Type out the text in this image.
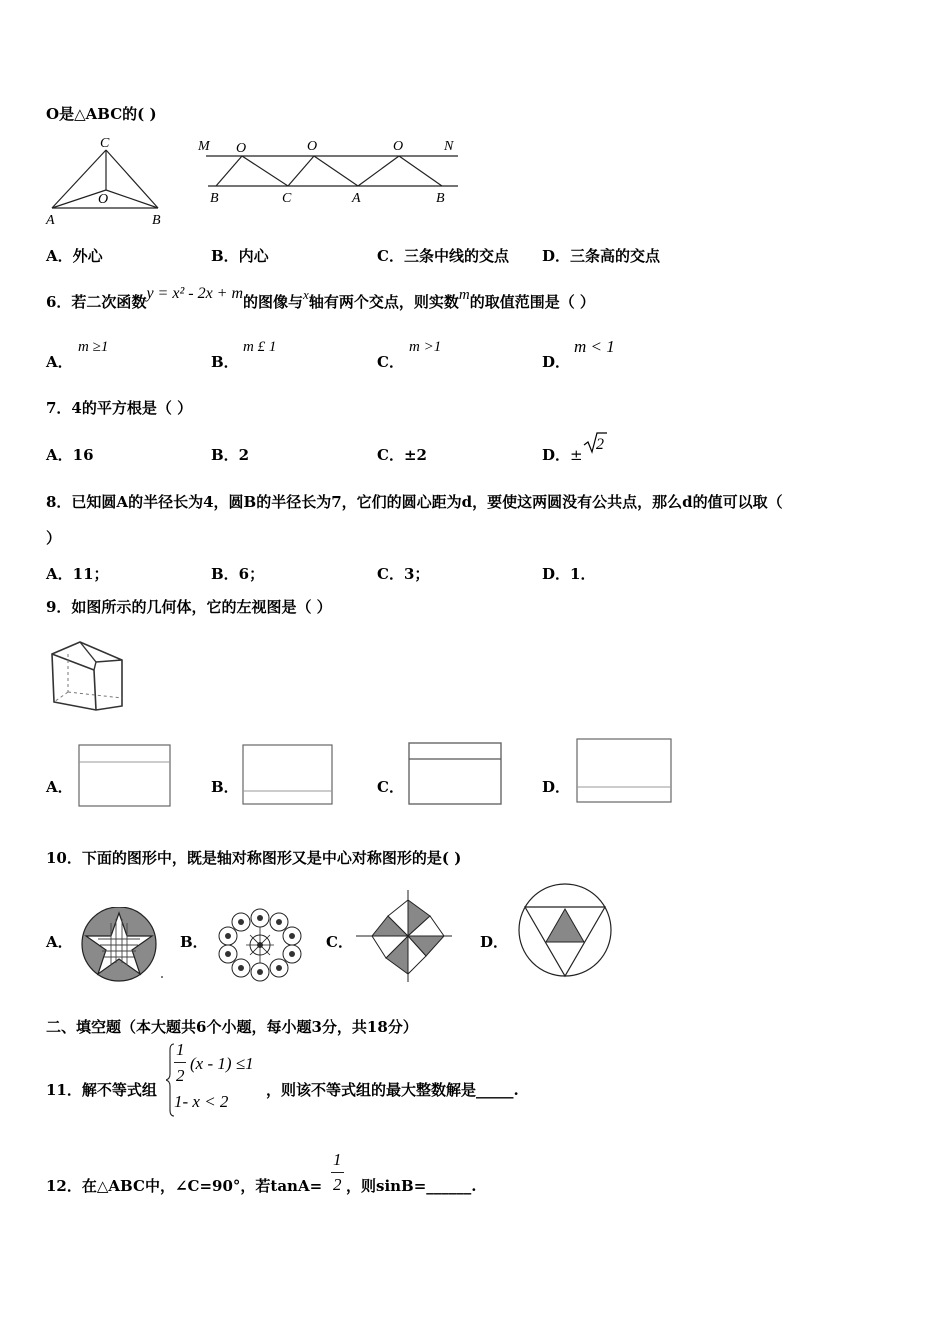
O是△ABC的( )
C
O
A	B
M O	O	O	N
B	C	A	B
A．外心	B．内心	C．三条中线的交点 D．三条高的交点
6．若二次函数y = x² - 2x + m的图像与x轴有两个交点，则实数m的取值范围是（ ）
A．
m ≥1
B．
m £ 1
C．
m >1
D．
m < 1
7．4的平方根是（ ）
A．16	B．2	C．±2	D．±
2
8．已知圆A的半径长为4，圆B的半径长为7，它们的圆心距为d，要使这两圆没有公共点，那么d的值可以取（
）
A．11；	B．6；	C．3；	D．1．
9．如图所示的几何体，它的左视图是（ ）
A．	B．	C．	D．
10．下面的图形中，既是轴对称图形又是中心对称图形的是( )
A．	B．	C．	D．
二、填空题（本大题共6个小题，每小题3分，共18分）
11．解不等式组
1
2
(x - 1) ≤1
1- x < 2
，则该不等式组的最大整数解是_____.
12．在△ABC中，∠C=90°，若tanA=
1
2 ，则sinB=______.
